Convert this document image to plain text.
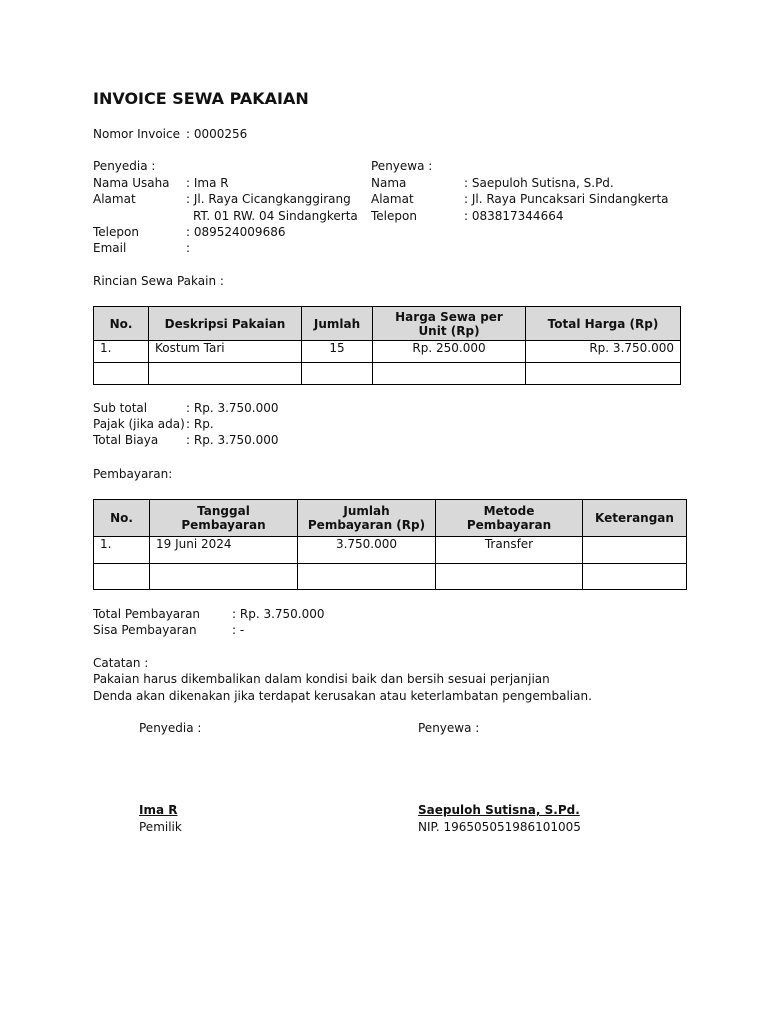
INVOICE SEWA PAKAIAN
Nomor Invoice : 0000256
Penyedia :
Nama Usaha : Ima R
Alamat	: Jl. Raya Cicangkanggirang
RT. 01 RW. 04 Sindangkerta
Telepon	: 089524009686
Email	:
Penyewa :
Nama	: Saepuloh Sutisna, S.Pd.
Alamat	: Jl. Raya Puncaksari Sindangkerta
Telepon	: 083817344664
Rincian Sewa Pakain :
No.	Deskripsi Pakaian	Jumlah	Harga Sewa per Unit (Rp)	Total Harga (Rp)
1.	Kostum Tari	15	Rp. 250.000	Rp. 3.750.000

Sub total	: Rp. 3.750.000
Pajak (jika ada) : Rp.
Total Biaya : Rp. 3.750.000
Pembayaran:
No.	Tanggal Pembayaran	Jumlah Pembayaran (Rp)	Metode Pembayaran	Keterangan
1.	19 Juni 2024	3.750.000	Transfer	

Total Pembayaran	: Rp. 3.750.000
Sisa Pembayaran	: -
Catatan :
Pakaian harus dikembalikan dalam kondisi baik dan bersih sesuai perjanjian
Denda akan dikenakan jika terdapat kerusakan atau keterlambatan pengembalian.
Penyedia :	Penyewa :
Ima R	Saepuloh Sutisna, S.Pd.
Pemilik	NIP. 196505051986101005
